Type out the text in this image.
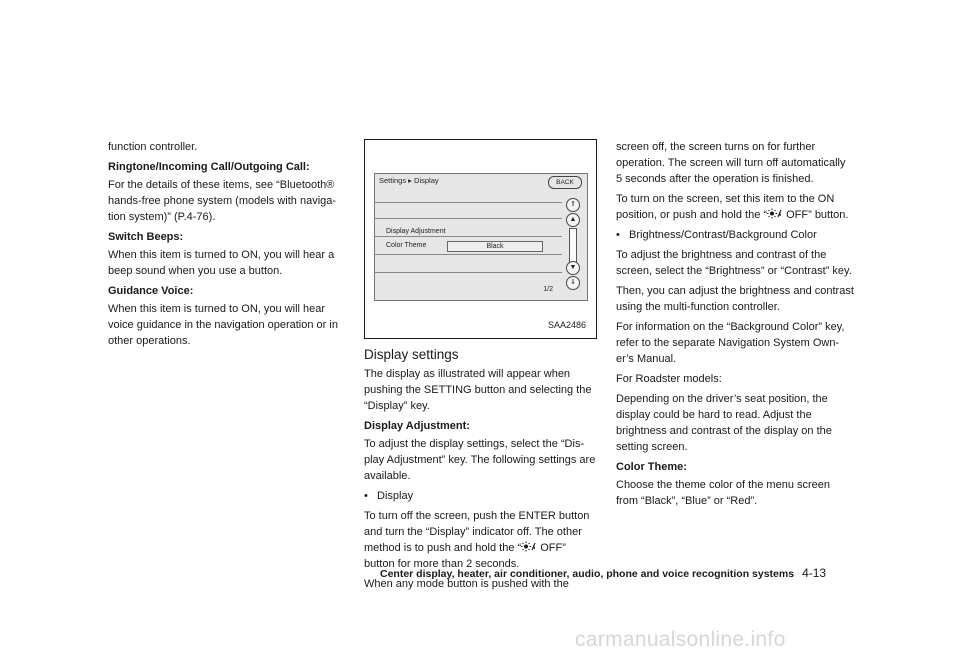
function controller.

Ringtone/Incoming Call/Outgoing Call:

For the details of these items, see “Bluetooth® hands-free phone system (models with naviga-tion system)” (P.4-76).

Switch Beeps:

When this item is turned to ON, you will hear a beep sound when you use a button.

Guidance Voice:

When this item is turned to ON, you will hear voice guidance in the navigation operation or in other operations.

Settings ▸ Display	BACK
Display Adjustment
Color Theme	Black
⇑
▲
▼
⇓
1/2
SAA2486
Display settings

The display as illustrated will appear when pushing the SETTING button and selecting the “Display” key.

Display Adjustment:

To adjust the display settings, select the “Dis-play Adjustment” key. The following settings are available.

•   Display

To turn off the screen, push the ENTER button and turn the “Display” indicator off. The other method is to push and hold the “ OFF” button for more than 2 seconds.

When any mode button is pushed with the

screen off, the screen turns on for further operation. The screen will turn off automatically 5 seconds after the operation is finished.

To turn on the screen, set this item to the ON position, or push and hold the “ OFF” button.

•   Brightness/Contrast/Background Color

To adjust the brightness and contrast of the screen, select the “Brightness” or “Contrast” key.

Then, you can adjust the brightness and contrast using the multi-function controller.

For information on the “Background Color” key, refer to the separate Navigation System Own-er’s Manual.

For Roadster models:

Depending on the driver’s seat position, the display could be hard to read. Adjust the brightness and contrast of the display on the setting screen.

Color Theme:

Choose the theme color of the menu screen from “Black”, “Blue” or “Red”.

Center display, heater, air conditioner, audio, phone and voice recognition systems 4-13
carmanualsonline.info
